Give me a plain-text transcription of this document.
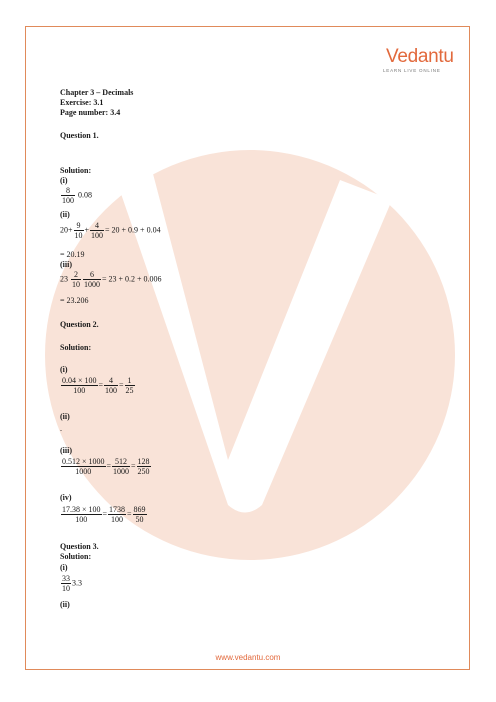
Vedantu
LEARN LIVE ONLINE
Chapter 3 – Decimals
Exercise: 3.1
Page number: 3.4
Question 1.
Solution:
(i)
$\frac{8}{100} 0.08$
(ii)
$20+ \frac{9}{10} + \frac{4}{100} = 20 + 0.9 + 0.04$
= 20.19
(iii)
$23 \frac{2}{10} \frac{6}{1000} = 23 + 0.2 + 0.006$
= 23.206
Question 2.
Solution:
(i)
$\frac{0.04 \times 100}{100} = \frac{4}{100} = \frac{1}{25}$
(ii)
.
(iii)
$\frac{0.512 \times 1000}{1000} = \frac{512}{1000} = \frac{128}{250}$
(iv)
$\frac{17.38 \times 100}{100} = \frac{1738}{100} = \frac{869}{50}$
Question 3.
Solution:
(i)
$\frac{33}{10} 3.3$
(ii)
www.vedantu.com
